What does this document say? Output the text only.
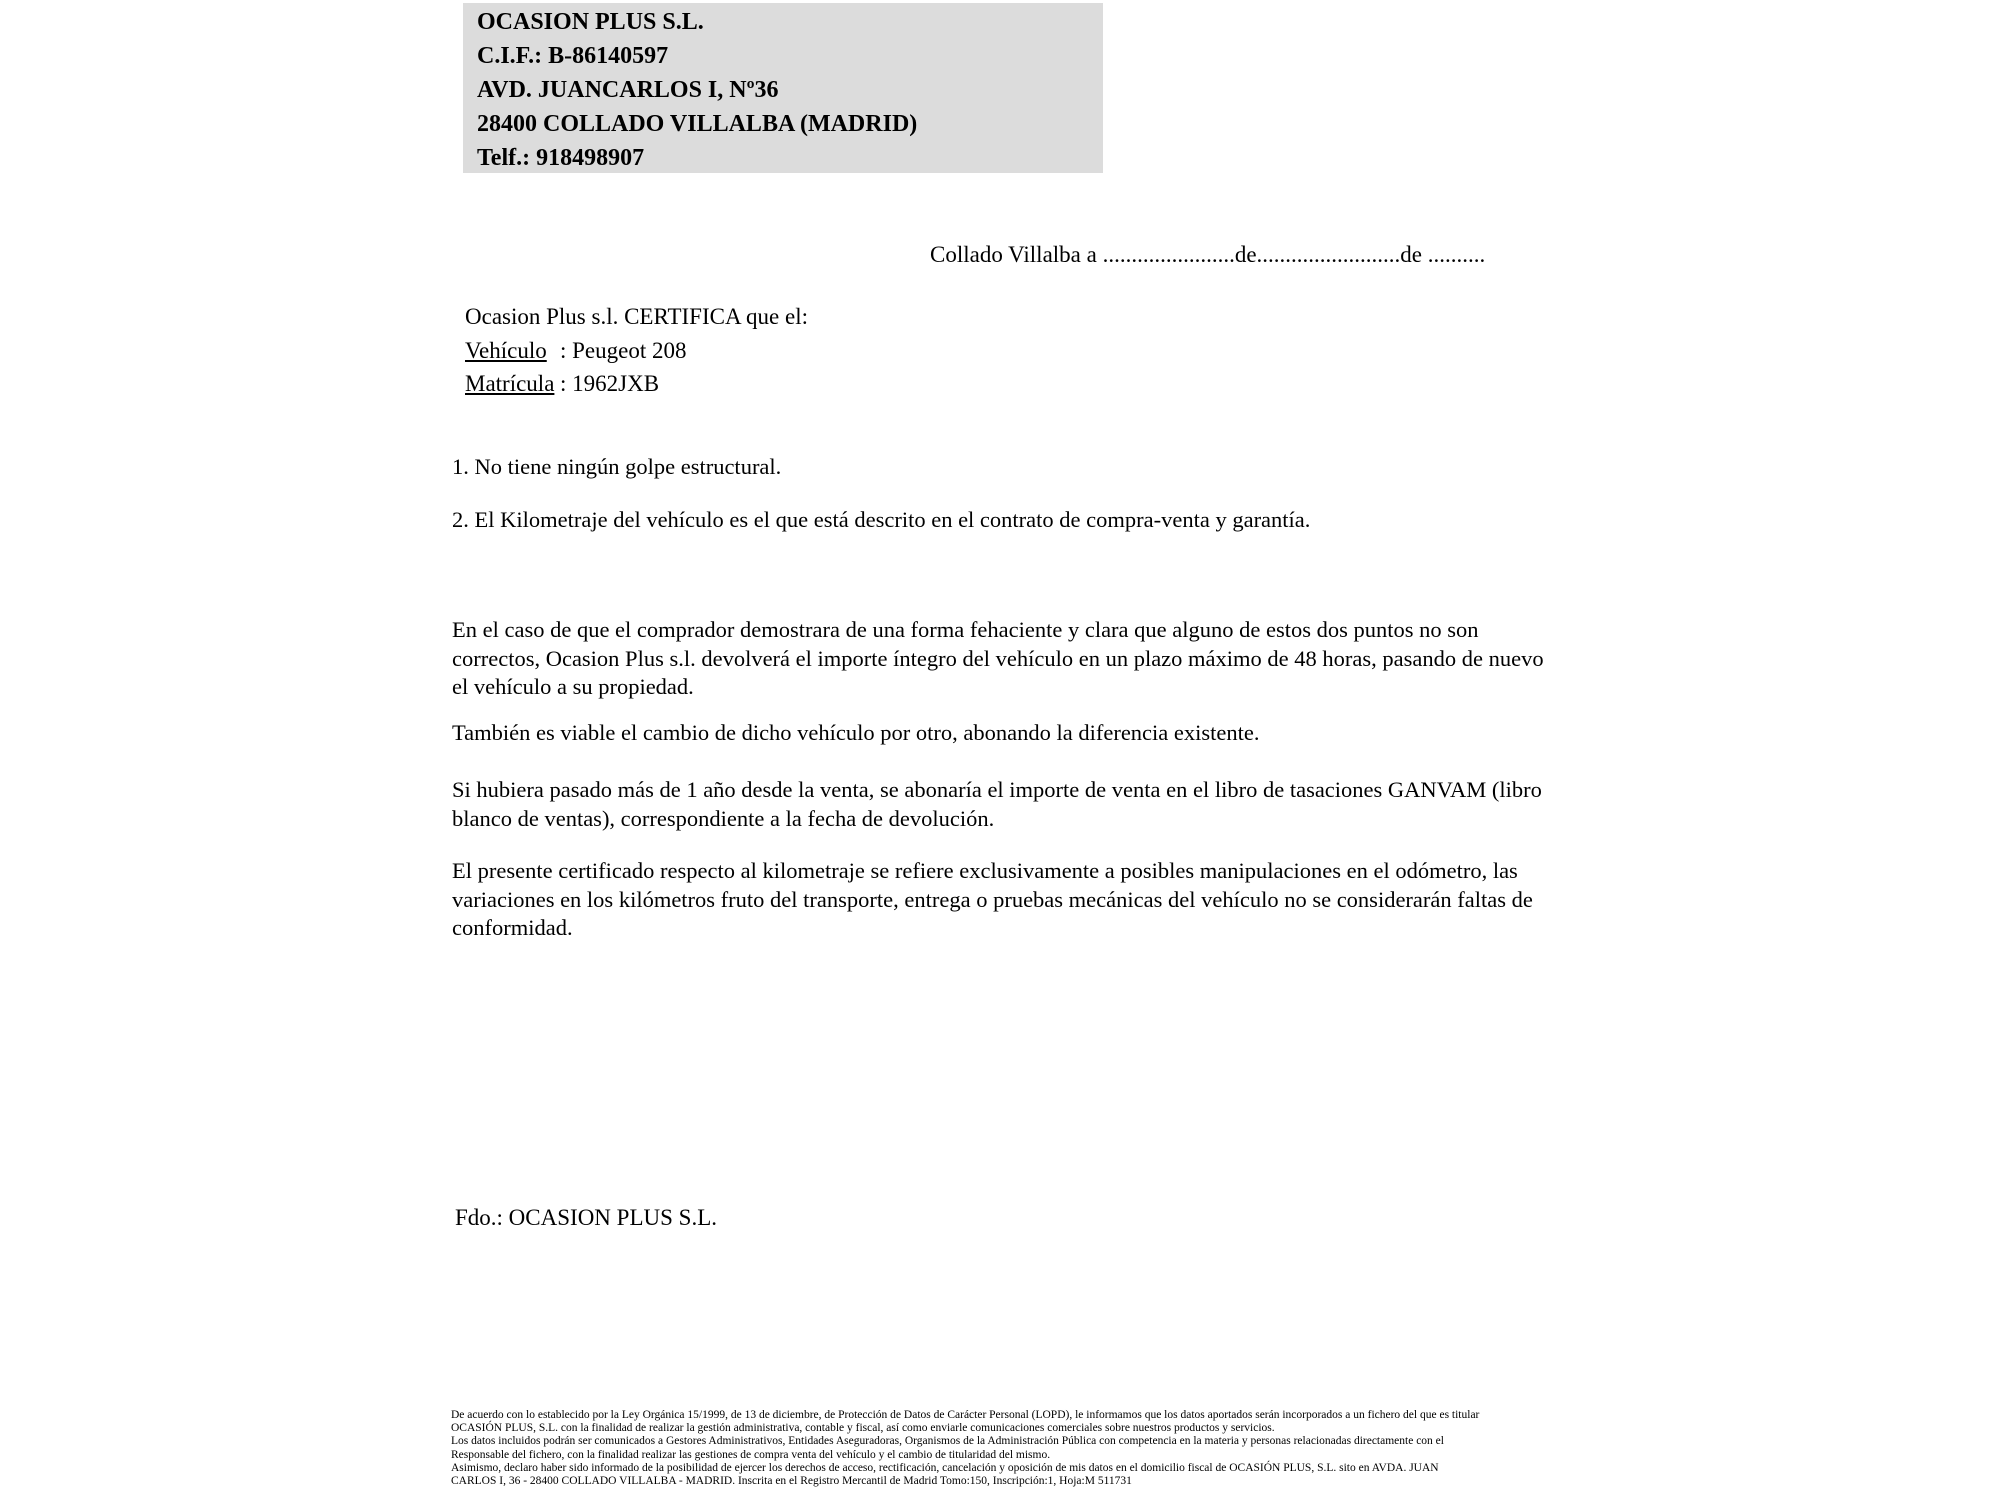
OCASION PLUS S.L.
C.I.F.: B-86140597
AVD. JUANCARLOS I, Nº36
28400 COLLADO VILLALBA (MADRID)
Telf.: 918498907
Collado Villalba a .......................de.........................de ..........
Ocasion Plus s.l. CERTIFICA que el:
Vehículo : Peugeot 208
Matrícula : 1962JXB
1. No tiene ningún golpe estructural.
2. El Kilometraje del vehículo es el que está descrito en el contrato de compra-venta y garantía.
En el caso de que el comprador demostrara de una forma fehaciente y clara que alguno de estos dos puntos no son correctos, Ocasion Plus s.l. devolverá el importe íntegro del vehículo en un plazo máximo de 48 horas, pasando de nuevo el vehículo a su propiedad.
También es viable el cambio de dicho vehículo por otro, abonando la diferencia existente.
Si hubiera pasado más de 1 año desde la venta, se abonaría el importe de venta en el libro de tasaciones GANVAM (libro blanco de ventas), correspondiente a la fecha de devolución.
El presente certificado respecto al kilometraje se refiere exclusivamente a posibles manipulaciones en el odómetro, las variaciones en los kilómetros fruto del transporte, entrega o pruebas mecánicas del vehículo no se considerarán faltas de conformidad.
Fdo.: OCASION PLUS S.L.
De acuerdo con lo establecido por la Ley Orgánica 15/1999, de 13 de diciembre, de Protección de Datos de Carácter Personal (LOPD), le informamos que los datos aportados serán incorporados a un fichero del que es titular
OCASIÓN PLUS, S.L. con la finalidad de realizar la gestión administrativa, contable y fiscal, así como enviarle comunicaciones comerciales sobre nuestros productos y servicios.
Los datos incluidos podrán ser comunicados a Gestores Administrativos, Entidades Aseguradoras, Organismos de la Administración Pública con competencia en la materia y personas relacionadas directamente con el
Responsable del fichero, con la finalidad realizar las gestiones de compra venta del vehículo y el cambio de titularidad del mismo.
Asimismo, declaro haber sido informado de la posibilidad de ejercer los derechos de acceso, rectificación, cancelación y oposición de mis datos en el domicilio fiscal de OCASIÓN PLUS, S.L. sito en AVDA. JUAN
CARLOS I, 36 - 28400 COLLADO VILLALBA - MADRID. Inscrita en el Registro Mercantil de Madrid Tomo:150, Inscripción:1, Hoja:M 511731
